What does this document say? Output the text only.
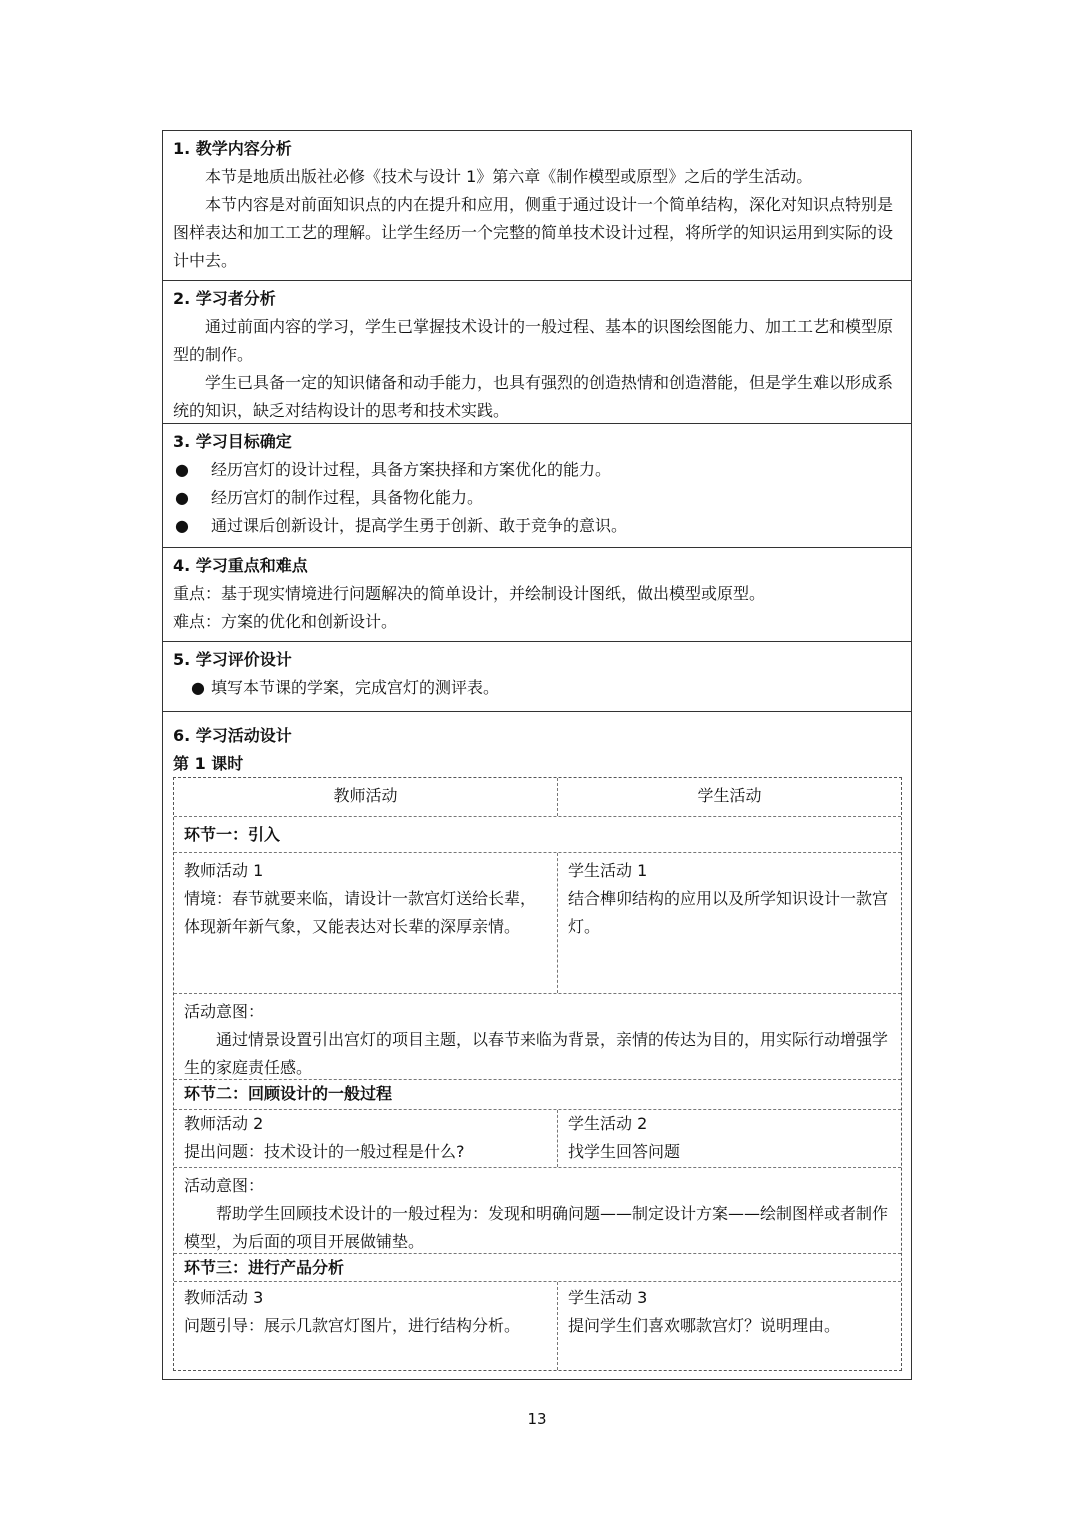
1. 教学内容分析
本节是地质出版社必修《技术与设计 1》第六章《制作模型或原型》之后的学生活动。
本节内容是对前面知识点的内在提升和应用，侧重于通过设计一个简单结构，深化对知识点特别是图样表达和加工工艺的理解。让学生经历一个完整的简单技术设计过程，将所学的知识运用到实际的设计中去。
2. 学习者分析
通过前面内容的学习，学生已掌握技术设计的一般过程、基本的识图绘图能力、加工工艺和模型原型的制作。
学生已具备一定的知识储备和动手能力，也具有强烈的创造热情和创造潜能，但是学生难以形成系统的知识，缺乏对结构设计的思考和技术实践。
3. 学习目标确定
● 经历宫灯的设计过程，具备方案抉择和方案优化的能力。
● 经历宫灯的制作过程，具备物化能力。
● 通过课后创新设计，提高学生勇于创新、敢于竞争的意识。
4. 学习重点和难点
重点：基于现实情境进行问题解决的简单设计，并绘制设计图纸，做出模型或原型。
难点：方案的优化和创新设计。
5. 学习评价设计
● 填写本节课的学案，完成宫灯的测评表。
6. 学习活动设计
第 1 课时
教师活动	学生活动
环节一：引入
教师活动 1
情境：春节就要来临，请设计一款宫灯送给长辈，体现新年新气象，又能表达对长辈的深厚亲情。
学生活动 1
结合榫卯结构的应用以及所学知识设计一款宫灯。
活动意图：
通过情景设置引出宫灯的项目主题，以春节来临为背景，亲情的传达为目的，用实际行动增强学生的家庭责任感。
环节二：回顾设计的一般过程
教师活动 2
提出问题：技术设计的一般过程是什么?
学生活动 2
找学生回答问题
活动意图：
帮助学生回顾技术设计的一般过程为：发现和明确问题——制定设计方案——绘制图样或者制作模型，为后面的项目开展做铺垫。
环节三：进行产品分析
教师活动 3
问题引导：展示几款宫灯图片，进行结构分析。
学生活动 3
提问学生们喜欢哪款宫灯？说明理由。
13
